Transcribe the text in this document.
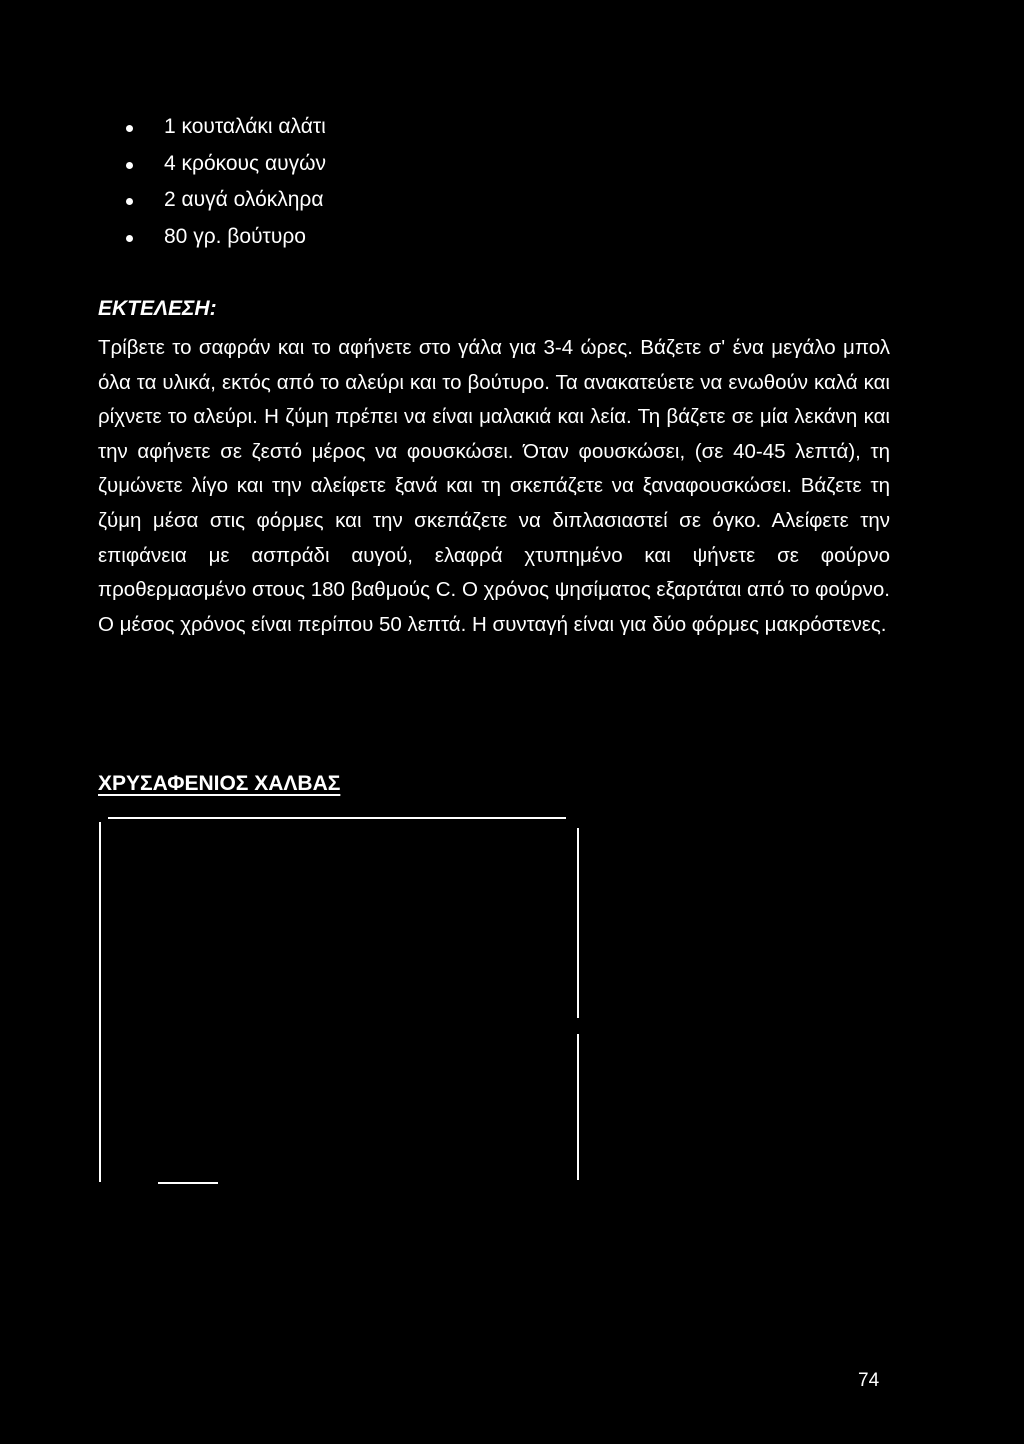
1 κουταλάκι αλάτι
4 κρόκους αυγών
2 αυγά ολόκληρα
80 γρ. βούτυρο
ΕΚΤΕΛΕΣΗ:

Τρίβετε το σαφράν και το αφήνετε στο γάλα για 3-4 ώρες. Βάζετε σ' ένα μεγάλο μπολ όλα τα υλικά, εκτός από το αλεύρι και το βούτυρο. Τα ανακατεύετε να ενωθούν καλά και ρίχνετε το αλεύρι. Η ζύμη πρέπει να είναι μαλακιά και λεία. Τη βάζετε σε μία λεκάνη και την αφήνετε σε ζεστό μέρος να φουσκώσει. Όταν φουσκώσει, (σε 40-45 λεπτά), τη ζυμώνετε λίγο και την αλείφετε ξανά και τη σκεπάζετε να ξαναφουσκώσει. Βάζετε τη ζύμη μέσα στις φόρμες και την σκεπάζετε να διπλασιαστεί σε όγκο. Αλείφετε την επιφάνεια με ασπράδι αυγού, ελαφρά χτυπημένο και ψήνετε σε φούρνο προθερμασμένο στους 180 βαθμούς C. Ο χρόνος ψησίματος εξαρτάται από το φούρνο. Ο μέσος χρόνος είναι περίπου 50 λεπτά. Η συνταγή είναι για δύο φόρμες μακρόστενες.

ΧΡΥΣΑΦΕΝΙΟΣ ΧΑΛΒΑΣ

74
